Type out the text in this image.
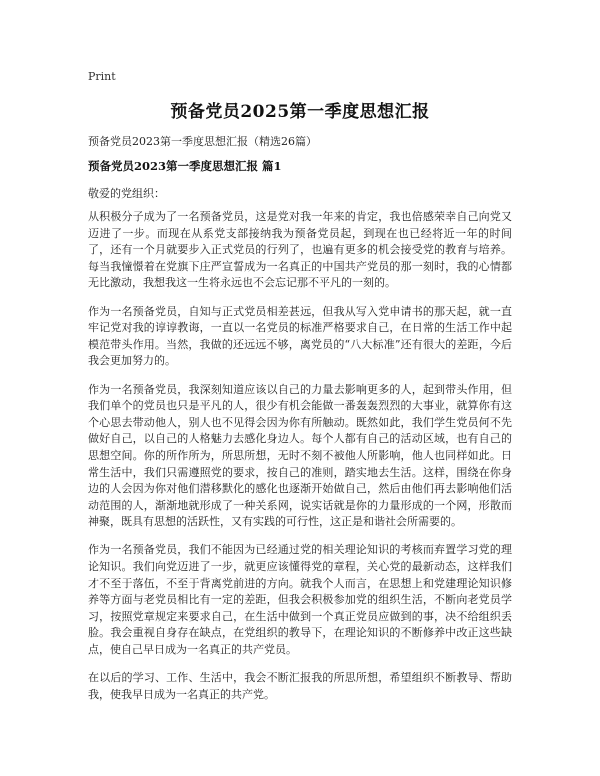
Print
预备党员2025第一季度思想汇报

预备党员2023第一季度思想汇报（精选26篇）

预备党员2023第一季度思想汇报 篇1

敬爱的党组织：

从积极分子成为了一名预备党员，这是党对我一年来的肯定，我也倍感荣幸自己向党又迈进了一步。而现在从系党支部接纳我为预备党员起，到现在也已经将近一年的时间了，还有一个月就要步入正式党员的行列了，也遍有更多的机会接受党的教育与培养。每当我憧憬着在党旗下庄严宣誓成为一名真正的中国共产党员的那一刻时，我的心情都无比激动，我想我这一生将永远也不会忘记那不平凡的一刻的。

作为一名预备党员，自知与正式党员相差甚远，但我从写入党申请书的那天起，就一直牢记党对我的谆谆教诲，一直以一名党员的标准严格要求自己，在日常的生活工作中起模范带头作用。当然，我做的还远远不够，离党员的“八大标准”还有很大的差距，今后我会更加努力的。

作为一名预备党员，我深刻知道应该以自己的力量去影响更多的人，起到带头作用，但我们单个的党员也只是平凡的人，很少有机会能做一番轰轰烈烈的大事业，就算你有这个心思去带动他人，别人也不见得会因为你有所触动。既然如此，我们学生党员何不先做好自己，以自己的人格魅力去感化身边人。每个人都有自己的活动区域，也有自己的思想空间。你的所作所为，所思所想，无时不刻不被他人所影响，他人也同样如此。日常生活中，我们只需遵照党的要求，按自己的准则，踏实地去生活。这样，围绕在你身边的人会因为你对他们潜移默化的感化也逐渐开始做自己，然后由他们再去影响他们活动范围的人，渐渐地就形成了一种关系网，说实话就是你的力量形成的一个网，形散而神聚，既具有思想的活跃性，又有实践的可行性，这正是和谐社会所需要的。

作为一名预备党员，我们不能因为已经通过党的相关理论知识的考核而弃置学习党的理论知识。我们向党迈进了一步，就更应该懂得党的章程，关心党的最新动态，这样我们才不至于落伍，不至于背离党前进的方向。就我个人而言，在思想上和党建理论知识修养等方面与老党员相比有一定的差距，但我会积极参加党的组织生活，不断向老党员学习，按照党章规定来要求自己，在生活中做到一个真正党员应做到的事，决不给组织丢脸。我会重视自身存在缺点，在党组织的教导下，在理论知识的不断修养中改正这些缺点，使自己早日成为一名真正的共产党员。

在以后的学习、工作、生活中，我会不断汇报我的所思所想，希望组织不断教导、帮助我，使我早日成为一名真正的共产党。
